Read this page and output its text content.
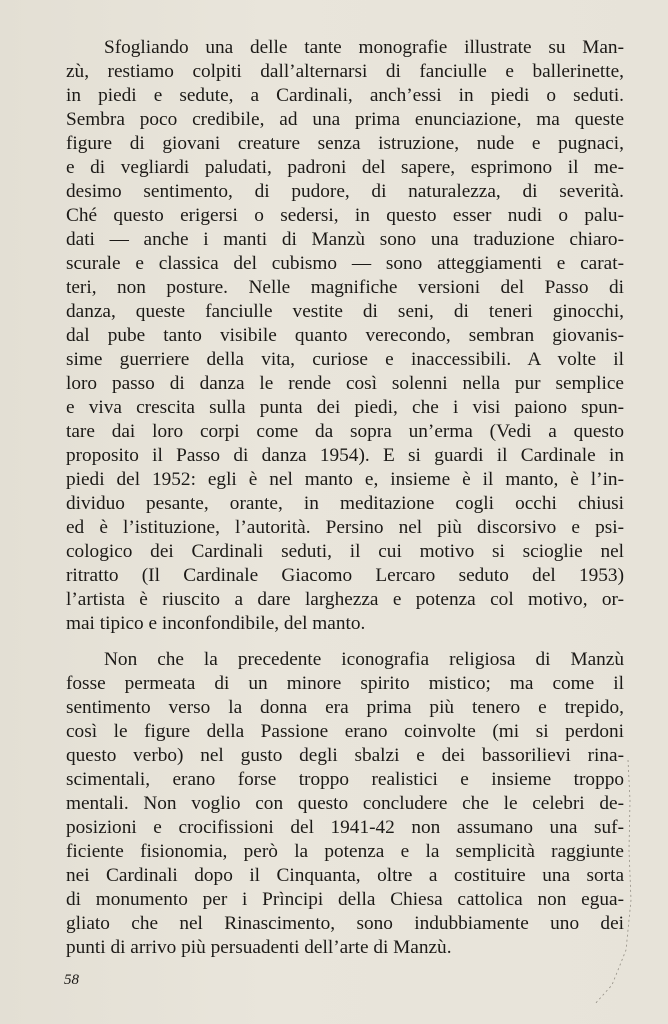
Sfogliando una delle tante monografie illustrate su Man-
zù, restiamo colpiti dall’alternarsi di fanciulle e ballerinette,
in piedi e sedute, a Cardinali, anch’essi in piedi o seduti.
Sembra poco credibile, ad una prima enunciazione, ma queste
figure di giovani creature senza istruzione, nude e pugnaci,
e di vegliardi paludati, padroni del sapere, esprimono il me-
desimo sentimento, di pudore, di naturalezza, di severità.
Ché questo erigersi o sedersi, in questo esser nudi o palu-
dati — anche i manti di Manzù sono una traduzione chiaro-
scurale e classica del cubismo — sono atteggiamenti e carat-
teri, non posture. Nelle magnifiche versioni del Passo di
danza, queste fanciulle vestite di seni, di teneri ginocchi,
dal pube tanto visibile quanto verecondo, sembran giovanis-
sime guerriere della vita, curiose e inaccessibili. A volte il
loro passo di danza le rende così solenni nella pur semplice
e viva crescita sulla punta dei piedi, che i visi paiono spun-
tare dai loro corpi come da sopra un’erma (Vedi a questo
proposito il Passo di danza 1954). E si guardi il Cardinale in
piedi del 1952: egli è nel manto e, insieme è il manto, è l’in-
dividuo pesante, orante, in meditazione cogli occhi chiusi
ed è l’istituzione, l’autorità. Persino nel più discorsivo e psi-
cologico dei Cardinali seduti, il cui motivo si scioglie nel
ritratto (Il Cardinale Giacomo Lercaro seduto del 1953)
l’artista è riuscito a dare larghezza e potenza col motivo, or-
mai tipico e inconfondibile, del manto.
Non che la precedente iconografia religiosa di Manzù
fosse permeata di un minore spirito mistico; ma come il
sentimento verso la donna era prima più tenero e trepido,
così le figure della Passione erano coinvolte (mi si perdoni
questo verbo) nel gusto degli sbalzi e dei bassorilievi rina-
scimentali, erano forse troppo realistici e insieme troppo
mentali. Non voglio con questo concludere che le celebri de-
posizioni e crocifissioni del 1941-42 non assumano una suf-
ficiente fisionomia, però la potenza e la semplicità raggiunte
nei Cardinali dopo il Cinquanta, oltre a costituire una sorta
di monumento per i Prìncipi della Chiesa cattolica non egua-
gliato che nel Rinascimento, sono indubbiamente uno dei
punti di arrivo più persuadenti dell’arte di Manzù.
58
